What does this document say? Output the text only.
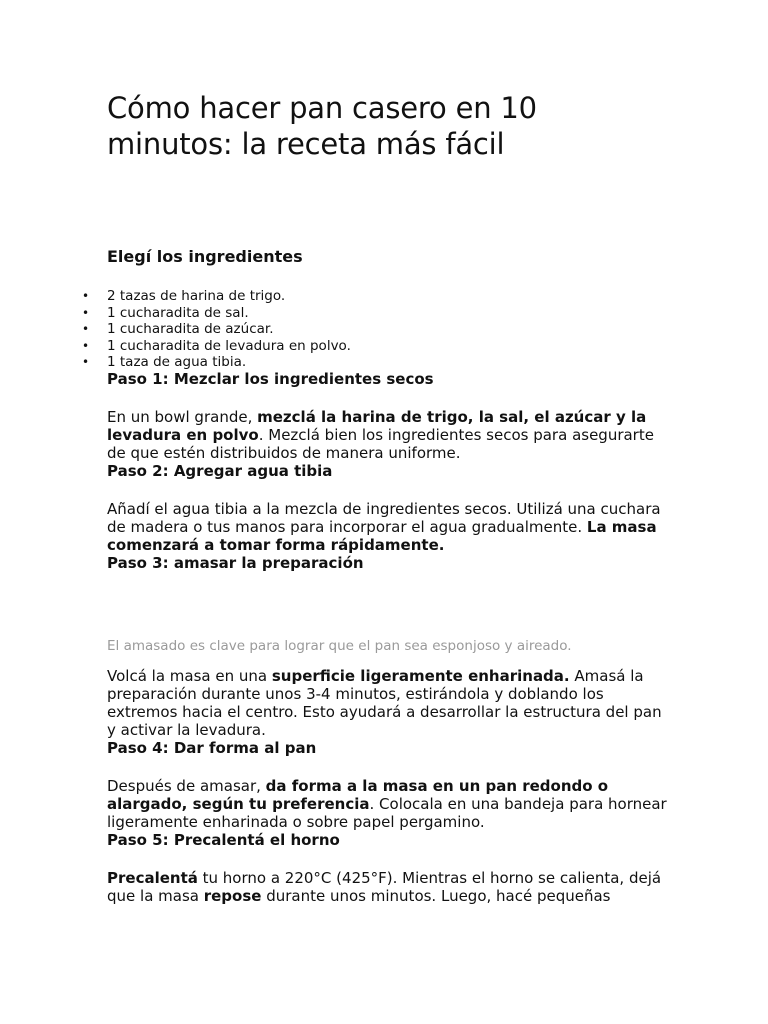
Cómo hacer pan casero en 10 minutos: la receta más fácil
Elegí los ingredientes
• 2 tazas de harina de trigo.
• 1 cucharadita de sal.
• 1 cucharadita de azúcar.
• 1 cucharadita de levadura en polvo.
• 1 taza de agua tibia.

Paso 1: Mezclar los ingredientes secos

En un bowl grande, mezclá la harina de trigo, la sal, el azúcar y la levadura en polvo. Mezclá bien los ingredientes secos para asegurarte de que estén distribuidos de manera uniforme.

Paso 2: Agregar agua tibia

Añadí el agua tibia a la mezcla de ingredientes secos. Utilizá una cuchara de madera o tus manos para incorporar el agua gradualmente. La masa comenzará a tomar forma rápidamente.

Paso 3: amasar la preparación

El amasado es clave para lograr que el pan sea esponjoso y aireado.

Volcá la masa en una superficie ligeramente enharinada. Amasá la preparación durante unos 3-4 minutos, estirándola y doblando los extremos hacia el centro. Esto ayudará a desarrollar la estructura del pan y activar la levadura.

Paso 4: Dar forma al pan

Después de amasar, da forma a la masa en un pan redondo o alargado, según tu preferencia. Colocala en una bandeja para hornear ligeramente enharinada o sobre papel pergamino.

Paso 5: Precalentá el horno

Precalentá tu horno a 220°C (425°F). Mientras el horno se calienta, dejá que la masa repose durante unos minutos. Luego, hacé pequeñas
